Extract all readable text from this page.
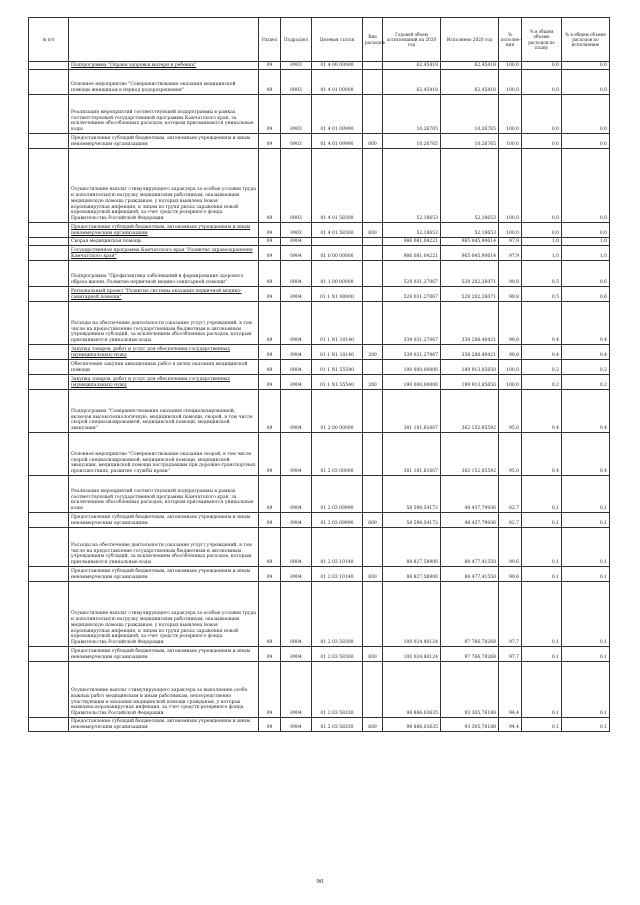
№ п/п		Раздел	Подраздел	Целевая статья	Вид расходов	Годовой объем ассигнований на 2020 год	Исполнено 2020 год	% исполне-ния	% в общем объеме расходов по плану	% в общем объеме расходов по исполнению
	Подпрограмма "Охрана здоровья матери и ребенка"	09	0903	01 4 00 00000		62,45418	62,45418	100,0	0,0	0,0
	Основное мероприятие "Совершенствование оказания медицинской помощи женщинам в период родоразрешения"	09	0903	01 4 01 00000		62,45418	62,45418	100,0	0,0	0,0
	Реализация мероприятий соответствующей подпрограммы в рамках соответствующей государственной программы Камчатского края, за исключением обособленных расходов, которым присваиваются уникальные коды	09	0903	01 4 01 09990		10,26765	10,26765	100,0	0,0	0,0
	Предоставление субсидий бюджетным, автономным учреждениям и иным некоммерческим организациям	09	0903	01 4 01 09990	600	10,26765	10,26765	100,0	0,0	0,0
	Осуществление выплат стимулирующего характера за особые условия труда и дополнительную нагрузку медицинским работникам, оказывающим медицинскую помощь гражданам, у которых выявлена новая коронавирусная инфекция, и лицам из групп риска заражения новой коронавирусной инфекцией, за счет средств резервного фонда Правительства Российской Федерации	09	0903	01 4 01 58300		52,18653	52,18653	100,0	0,0	0,0
	Предоставление субсидий бюджетным, автономным учреждениям и иным некоммерческим организациям	09	0903	01 4 01 58300	600	52,18653	52,18653	100,0	0,0	0,0
	Скорая медицинская помощь	09	0904			986 081,04221	965 045,90614	97,9	1,0	1,0
	Государственная программа Камчатского края "Развитие здравоохранения Камчатского края"	09	0904	01 0 00 00000		986 081,04221	965 045,90614	97,9	1,0	1,0
	Подпрограмма "Профилактика заболеваний и формирование здорового образа жизни. Развитие первичной медико-санитарной помощи"	09	0904	01 1 00 00000		529 031,27067	528 202,26071	99,8	0,5	0,6
	Региональный проект "Развитие системы оказания первичной медико-санитарной помощи"	09	0904	01 1 N1 00000		529 031,27067	528 202,26071	99,8	0,5	0,6
	Расходы на обеспечение деятельности (оказание услуг) учреждений, в том числе на предоставление государственным бюджетным и автономным учреждениям субсидий, за исключением обособленных расходов, которым присваиваются уникальные коды	09	0904	01 1 N1 10140		339 031,27067	338 288,40421	99,8	0,4	0,4
	Закупка товаров, работ и услуг для обеспечения государственных (муниципальных) нужд	09	0904	01 1 N1 10140	200	339 031,27067	338 288,40421	99,8	0,4	0,4
	Обеспечение закупки авиационных работ в целях оказания медицинской помощи	09	0904	01 1 N1 55540		190 000,00000	189 913,85650	100,0	0,2	0,2
	Закупка товаров, работ и услуг для обеспечения государственных (муниципальных) нужд	09	0904	01 1 N1 55540	200	190 000,00000	189 913,85650	100,0	0,2	0,2
	Подпрограмма "Совершенствование оказания специализированной, включая высокотехнологичную, медицинской помощи, скорой, в том числе скорой специализированной, медицинской помощи, медицинской эвакуации"	09	0904	01 2 00 00000		381 181,61607	362 152,85592	95,0	0,4	0,4
	Основное мероприятие "Совершенствование оказания скорой, в том числе скорой специализированной, медицинской помощи, медицинской эвакуации, медицинской помощи пострадавшим при дорожно-транспортных происшествиях, развитие службы крови"	09	0904	01 2 03 00000		381 181,61607	362 152,85592	95,0	0,4	0,4
	Реализация мероприятий соответствующей подпрограммы в рамках соответствующей государственной программы Камчатского края, за исключением обособленных расходов, которым присваиваются уникальные коды	09	0904	01 2 03 09990		58 598,54172	48 437,79936	82,7	0,1	0,1
	Предоставление субсидий бюджетным, автономным учреждениям и иным некоммерческим организациям	09	0904	01 2 03 09990	600	58 598,54172	48 437,79936	82,7	0,1	0,1
	Расходы на обеспечение деятельности (оказание услуг) учреждений, в том числе на предоставление государственным бюджетным и автономным учреждениям субсидий, за исключением обособленных расходов, которым присваиваются уникальные коды	09	0904	01 2 03 10140		88 827,58900	88 477,41550	99,6	0,1	0,1
	Предоставление субсидий бюджетным, автономным учреждениям и иным некоммерческим организациям	09	0904	01 2 03 10140	600	88 827,58900	88 477,41550	99,6	0,1	0,1
	Осуществление выплат стимулирующего характера за особые условия труда и дополнительную нагрузку медицинским работникам, оказывающим медицинскую помощь гражданам, у которых выявлена новая коронавирусная инфекция, и лицам из групп риска заражения новой коронавирусной инфекцией, за счет средств резервного фонда Правительства Российской Федерации	09	0904	01 2 03 58300		100 024,80124	97 766,78268	97,7	0,1	0,1
	Предоставление субсидий бюджетным, автономным учреждениям и иным некоммерческим организациям	09	0904	01 2 03 58300	600	100 024,80124	97 766,78268	97,7	0,1	0,1
	Осуществление выплат стимулирующего характера за выполнение особо важных работ медицинским и иным работникам, непосредственно участвующим в оказании медицинской помощи гражданам, у которых выявлена коронавирусная инфекция, за счет средств резервного фонда Правительства Российской Федерации	09	0904	01 2 03 58330		98 886,03635	93 305,76188	94,4	0,1	0,1
	Предоставление субсидий бюджетным, автономным учреждениям и иным некоммерческим организациям	09	0904	01 2 03 58330	600	98 886,03635	93 305,76188	94,4	0,1	0,1
90
